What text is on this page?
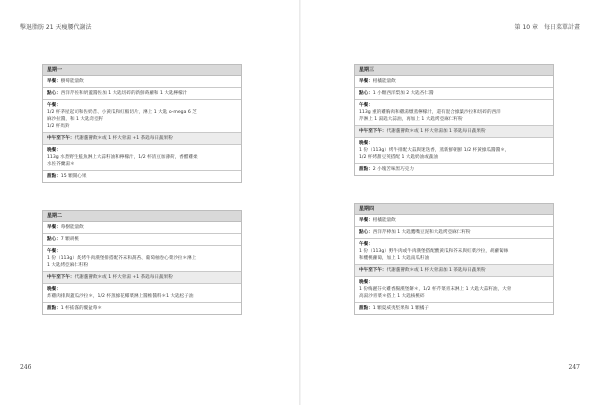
擊退脂肪 21 天瘦腰代謝法
星期一
早餐：樹莓能量飲
點心：西洋芹佐和奶蓋醬佐加 1 大匙切碎的新鮮蒔蘿和 1 大匙檸檬汁
午餐：
1/2 杯茅屋起司和佐奶昔、小黃瓜和紅椒切片，淋上 1 大匙 o-mega 6 芝
麻沙拉醬，和 1 大匙奇亞籽
1/2 杯馬鈴
中午至下午：代謝蘆薈飲＊或 1 杯大骨湯 +1 茶匙每日蔬果粉
晚餐：
113g 水煮野生鮭魚淋上大蒜籽油和檸檬汁，1/2 杯清豆加薄荷，香醋雞柔
水佐芥蘭湯＊
甜點：15 顆開心果
星期二
早餐：莓樹能量飲
點心：7 顆胡桃
午餐：
1 份（113g）炙烤牛肉漢堡排搭配芥末和萵苔、葡萄柚卷心菜沙拉＊淋上
1 大匙烤亞麻仁籽粉
中午至下午：代謝蘆薈飲＊或 1 杯大骨湯 +1 茶匙每日蔬果粉
晚餐：
炸雞肉排與蓋瓜沙拉＊，1/2 杯蒸綠花椰菜淋上醬椎醬料＊1 大匙松子油
甜點：1 杯搖霧的覆盆莓＊
246
第 10 章　每日菜單計畫
星期三
早餐：柑橘能量飲
點心：1 小顆西洋梨加 2 大匙杏仁醬
午餐：
113g 重的雞胸肉和雞湯燉蒸檸檬汁，還有混合綠葉沙拉和切碎的西洋
芹淋上 1 湯匙大蒜油，再加上 1 大匙烤亞麻仁籽粉
中午至下午：代謝蘆薈飲＊或 1 杯大骨湯加 1 茶匙每日蔬果粉
晚餐：
1 份（113g）烤牛排配大蒜與迷迭香，蒸新鮮朝鮮 1/2 杯黃綠瓜醬醬＊，
1/2 杯烤甜豆莢搭配 1 大匙奶油或蔬油
甜點：2 小塊苦味黑巧克力
星期四
早餐：柑橘能量飲
點心：西洋芹棒加 1 大匙鷹嘴豆泥和大匙烤亞麻仁籽粉
午餐：
1 份（113g）野牛肉或牛肉漢堡搭配酸黃瓜和芥末與紅菜沙拉，胡蘿蔔絲
和櫻桃蘿蔔，加上 1 大匙南瓜籽油
中午至下午：代謝蘆薈飲＊或 1 杯大骨湯加 1 茶匙每日蔬果粉
晚餐：
1 份梅麗芬火雞香腸漢堡餅＊，1/2 杯芹菜青末淋上 1 大匙大蒜籽油，大骨
高湯沙青菜＊搭上 1 大匙核桃碎
甜點：1 顆夏威夷堅果和 1 顆橘子
247
